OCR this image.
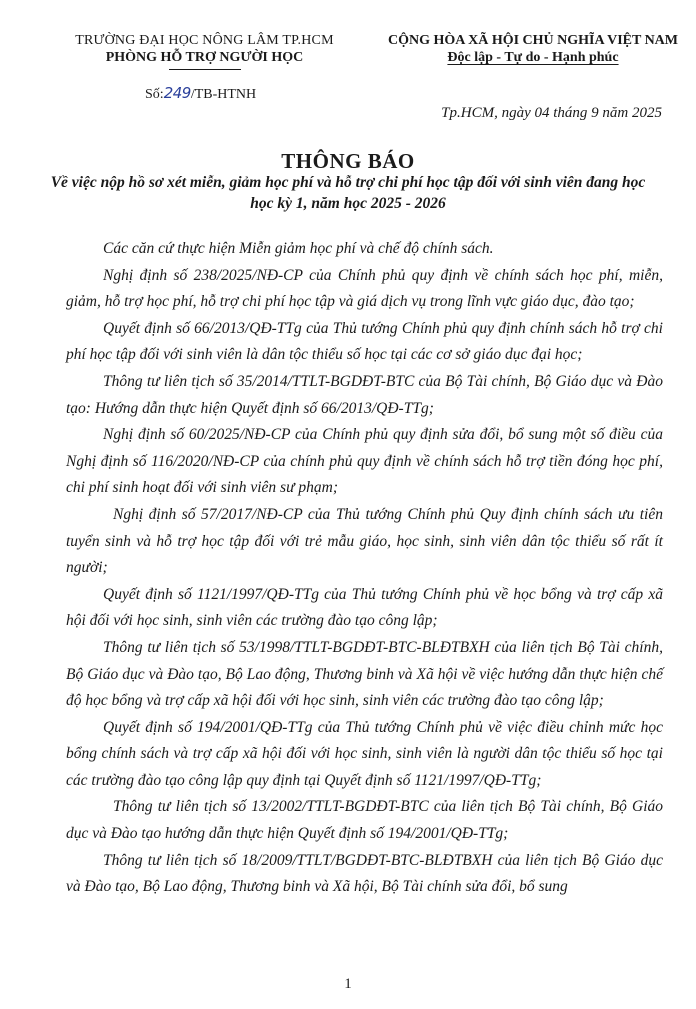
TRƯỜNG ĐẠI HỌC NÔNG LÂM TP.HCM
PHÒNG HỖ TRỢ NGƯỜI HỌC
CỘNG HÒA XÃ HỘI CHỦ NGHĨA VIỆT NAM
Độc lập - Tự do - Hạnh phúc
Số:249/TB-HTNH
Tp.HCM, ngày 04 tháng 9 năm 2025
THÔNG BÁO
Về việc nộp hồ sơ xét miễn, giảm học phí và hỗ trợ chi phí học tập đối với sinh viên đang học học kỳ 1, năm học 2025 - 2026

Các căn cứ thực hiện Miễn giảm học phí và chế độ chính sách.

Nghị định số 238/2025/NĐ-CP của Chính phủ quy định về chính sách học phí, miễn, giảm, hỗ trợ học phí, hỗ trợ chi phí học tập và giá dịch vụ trong lĩnh vực giáo dục, đào tạo;

Quyết định số 66/2013/QĐ-TTg của Thủ tướng Chính phủ quy định chính sách hỗ trợ chi phí học tập đối với sinh viên là dân tộc thiểu số học tại các cơ sở giáo dục đại học;

Thông tư liên tịch số 35/2014/TTLT-BGDĐT-BTC của Bộ Tài chính, Bộ Giáo dục và Đào tạo: Hướng dẫn thực hiện Quyết định số 66/2013/QĐ-TTg;

Nghị định số 60/2025/NĐ-CP của Chính phủ quy định sửa đổi, bổ sung một số điều của Nghị định số 116/2020/NĐ-CP của chính phủ quy định về chính sách hỗ trợ tiền đóng học phí, chi phí sinh hoạt đối với sinh viên sư phạm;

Nghị định số 57/2017/NĐ-CP của Thủ tướng Chính phủ Quy định chính sách ưu tiên tuyển sinh và hỗ trợ học tập đối với trẻ mẫu giáo, học sinh, sinh viên dân tộc thiểu số rất ít người;

Quyết định số 1121/1997/QĐ-TTg của Thủ tướng Chính phủ về học bổng và trợ cấp xã hội đối với học sinh, sinh viên các trường đào tạo công lập;

Thông tư liên tịch số 53/1998/TTLT-BGDĐT-BTC-BLĐTBXH của liên tịch Bộ Tài chính, Bộ Giáo dục và Đào tạo, Bộ Lao động, Thương binh và Xã hội về việc hướng dẫn thực hiện chế độ học bổng và trợ cấp xã hội đối với học sinh, sinh viên các trường đào tạo công lập;

Quyết định số 194/2001/QĐ-TTg của Thủ tướng Chính phủ về việc điều chỉnh mức học bổng chính sách và trợ cấp xã hội đối với học sinh, sinh viên là người dân tộc thiểu số học tại các trường đào tạo công lập quy định tại Quyết định số 1121/1997/QĐ-TTg;

Thông tư liên tịch số 13/2002/TTLT-BGDĐT-BTC của liên tịch Bộ Tài chính, Bộ Giáo dục và Đào tạo hướng dẫn thực hiện Quyết định số 194/2001/QĐ-TTg;

Thông tư liên tịch số 18/2009/TTLT/BGDĐT-BTC-BLĐTBXH của liên tịch Bộ Giáo dục và Đào tạo, Bộ Lao động, Thương binh và Xã hội, Bộ Tài chính sửa đổi, bổ sung

1
